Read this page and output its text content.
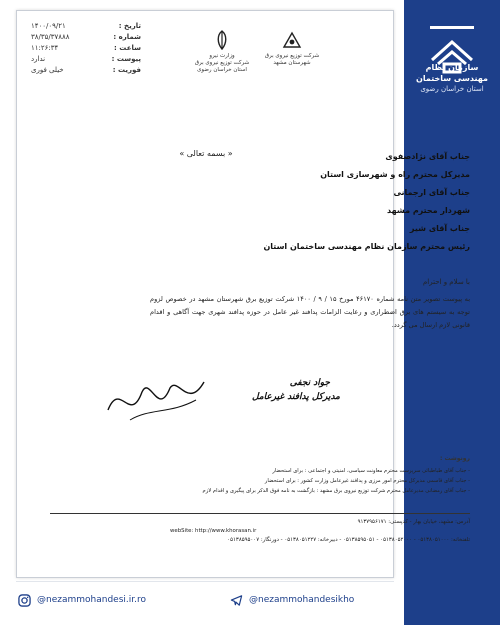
سازمان نظام مهندسی ساختمان
استان خراسان رضوی
تاریخ :
۱۴۰۰/۰۹/۲۱
شماره :
۳۸/۳۵/۳۷۸۸۸
ساعت :
۱۱:۲۶:۳۴
پیوست :
ندارد
فوریت :
خیلی فوری
وزارت نیرو
شرکت توزیع نیروی برق
استان خراسان رضوی
شرکت توزیع نیروی برق
شهرستان مشهد
« بسمه تعالی »	جناب آقای نژادصفوی
مدیرکل محترم راه و شهرسازی استان
جناب آقای ارجمانی
شهردار محترم مشهد
جناب آقای شیر
رئیس محترم سازمان نظام مهندسی ساختمان استان
با سلام و احترام
به پیوست تصویر متن نامه شماره ۴۶۱۷۰ مورخ ۱۵ / ۹ / ۱۴۰۰ شرکت توزیع برق شهرستان مشهد در خصوص لزوم توجه به سیستم های برق اضطراری و رعایت الزامات پدافند غیر عامل در حوزه پدافند شهری جهت آگاهی و اقدام قانونی لازم ارسال می گردد.
جواد نجفی
مدیرکل پدافند غیرعامل
رونوشت :
- جناب آقای طباطبائی سرپرست محترم معاونت سیاسی، امنیتی و اجتماعی : برای استحضار
- جناب آقای قاسمی مدیرکل محترم امور مرزی و پدافند غیرعامل وزارت کشور : برای استحضار
- جناب آقای رمضانی مدیرعامل محترم شرکت توزیع نیروی برق مشهد : بازگشت به نامه فوق الذکر برای پیگیری و اقدام لازم
آدرس: مشهد، خیابان بهار - کدپستی: ۹۱۳۷۹۵۶۱۷۱
webSite: http://www.khorasan.ir
تلفنخانه: ۰۵۱۳۸۰۵۱۰۰۰ - ۰۵۱۳۸۰۵۲۰۰۰ - ۰۵۱۳۸۵۹۵۰۵۱ - دبیرخانه: ۰۵۱۳۸۰۵۱۲۲۷ - دورنگار: ۰۵۱۳۸۵۹۵۰۰۷
@nezammohandesi.ir.ro	@nezammohandesikho
